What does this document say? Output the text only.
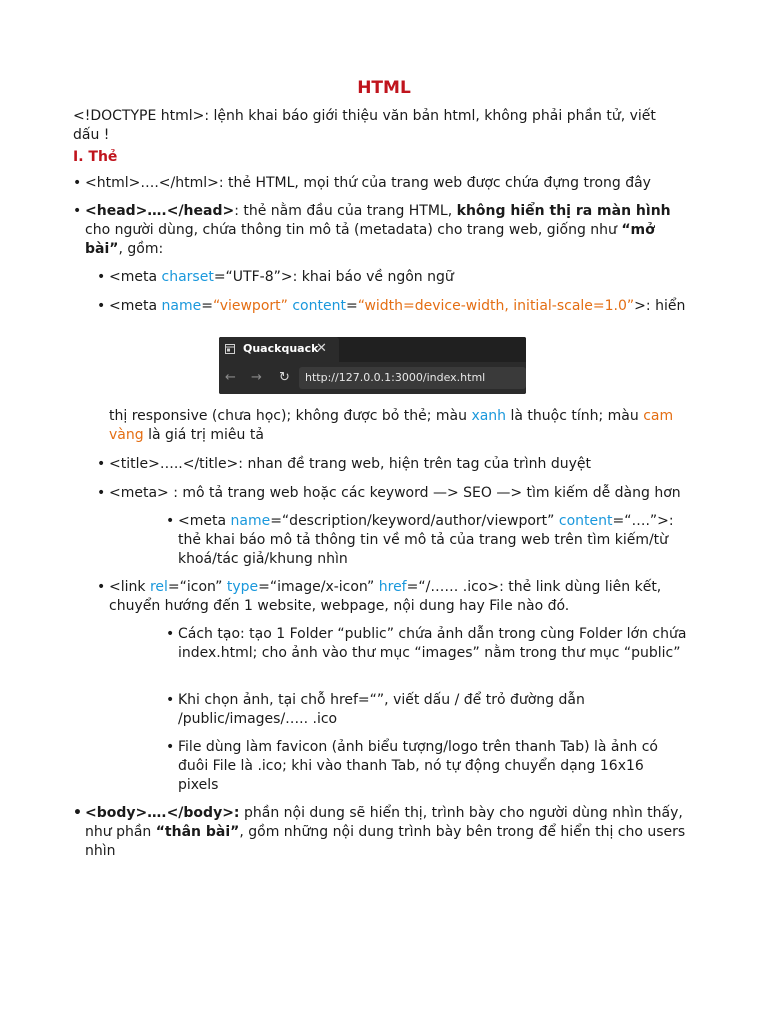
HTML

<!DOCTYPE html>: lệnh khai báo giới thiệu văn bản html, không phải phần tử, viết dấu !

I. Thẻ

• <html>….</html>: thẻ HTML, mọi thứ của trang web được chứa đựng trong đây

• <head>….</head>: thẻ nằm đầu của trang HTML, không hiển thị ra màn hình cho người dùng, chứa thông tin mô tả (metadata) cho trang web, giống như “mở bài”, gồm:

• <meta charset=“UTF-8”>: khai báo về ngôn ngữ

• <meta name=“viewport” content=“width=device-width, initial-scale=1.0”>: hiển

Quackquack
✕
← → ↻ http://127.0.0.1:3000/index.html

thị responsive (chưa học); không được bỏ thẻ; màu xanh là thuộc tính; màu cam vàng là giá trị miêu tả

• <title>…..</title>: nhan đề trang web, hiện trên tag của trình duyệt

• <meta> : mô tả trang web hoặc các keyword —> SEO —> tìm kiếm dễ dàng hơn

• <meta name=“description/keyword/author/viewport” content=“….”>: thẻ khai báo mô tả thông tin về mô tả của trang web trên tìm kiếm/từ khoá/tác giả/khung nhìn

• <link rel=“icon” type=“image/x-icon” href=“/…… .ico>: thẻ link dùng liên kết, chuyển hướng đến 1 website, webpage, nội dung hay File nào đó.

• Cách tạo: tạo 1 Folder “public” chứa ảnh dẫn trong cùng Folder lớn chứa index.html; cho ảnh vào thư mục “images” nằm trong thư mục “public”

• Khi chọn ảnh, tại chỗ href=“”, viết dấu / để trỏ đường dẫn /public/images/….. .ico

• File dùng làm favicon (ảnh biểu tượng/logo trên thanh Tab) là ảnh có đuôi File là .ico; khi vào thanh Tab, nó tự động chuyển dạng 16x16 pixels

• <body>….</body>: phần nội dung sẽ hiển thị, trình bày cho người dùng nhìn thấy, như phần “thân bài”, gồm những nội dung trình bày bên trong để hiển thị cho users nhìn
